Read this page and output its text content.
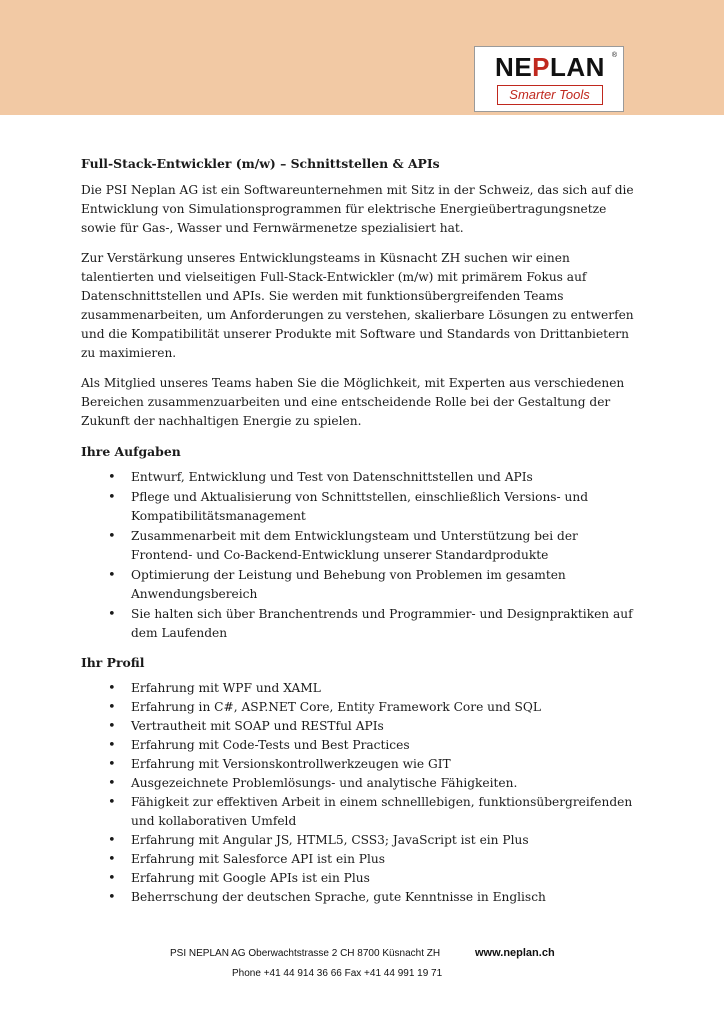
NEPLAN ®
Smarter Tools
Full-Stack-Entwickler (m/w) – Schnittstellen & APIs

Die PSI Neplan AG ist ein Softwareunternehmen mit Sitz in der Schweiz, das sich auf die Entwicklung von Simulationsprogrammen für elektrische Energieübertragungsnetze sowie für Gas-, Wasser und Fernwärmenetze spezialisiert hat.

Zur Verstärkung unseres Entwicklungsteams in Küsnacht ZH suchen wir einen talentierten und vielseitigen Full-Stack-Entwickler (m/w) mit primärem Fokus auf Datenschnittstellen und APIs. Sie werden mit funktionsübergreifenden Teams zusammenarbeiten, um Anforderungen zu verstehen, skalierbare Lösungen zu entwerfen und die Kompatibilität unserer Produkte mit Software und Standards von Drittanbietern zu maximieren.

Als Mitglied unseres Teams haben Sie die Möglichkeit, mit Experten aus verschiedenen Bereichen zusammenzuarbeiten und eine entscheidende Rolle bei der Gestaltung der Zukunft der nachhaltigen Energie zu spielen.

Ihre Aufgaben
• Entwurf, Entwicklung und Test von Datenschnittstellen und APIs
• Pflege und Aktualisierung von Schnittstellen, einschließlich Versions- und Kompatibilitätsmanagement
• Zusammenarbeit mit dem Entwicklungsteam und Unterstützung bei der Frontend- und Co-Backend-Entwicklung unserer Standardprodukte
• Optimierung der Leistung und Behebung von Problemen im gesamten Anwendungsbereich
• Sie halten sich über Branchentrends und Programmier- und Designpraktiken auf dem Laufenden
Ihr Profil
• Erfahrung mit WPF und XAML
• Erfahrung in C#, ASP.NET Core, Entity Framework Core und SQL
• Vertrautheit mit SOAP und RESTful APIs
• Erfahrung mit Code-Tests und Best Practices
• Erfahrung mit Versionskontrollwerkzeugen wie GIT
• Ausgezeichnete Problemlösungs- und analytische Fähigkeiten.
• Fähigkeit zur effektiven Arbeit in einem schnelllebigen, funktionsübergreifenden und kollaborativen Umfeld
• Erfahrung mit Angular JS, HTML5, CSS3; JavaScript ist ein Plus
• Erfahrung mit Salesforce API ist ein Plus
• Erfahrung mit Google APIs ist ein Plus
• Beherrschung der deutschen Sprache, gute Kenntnisse in Englisch
PSI NEPLAN AG Oberwachtstrasse 2 CH 8700 Küsnacht ZH	www.neplan.ch
Phone +41 44 914 36 66 Fax +41 44 991 19 71
